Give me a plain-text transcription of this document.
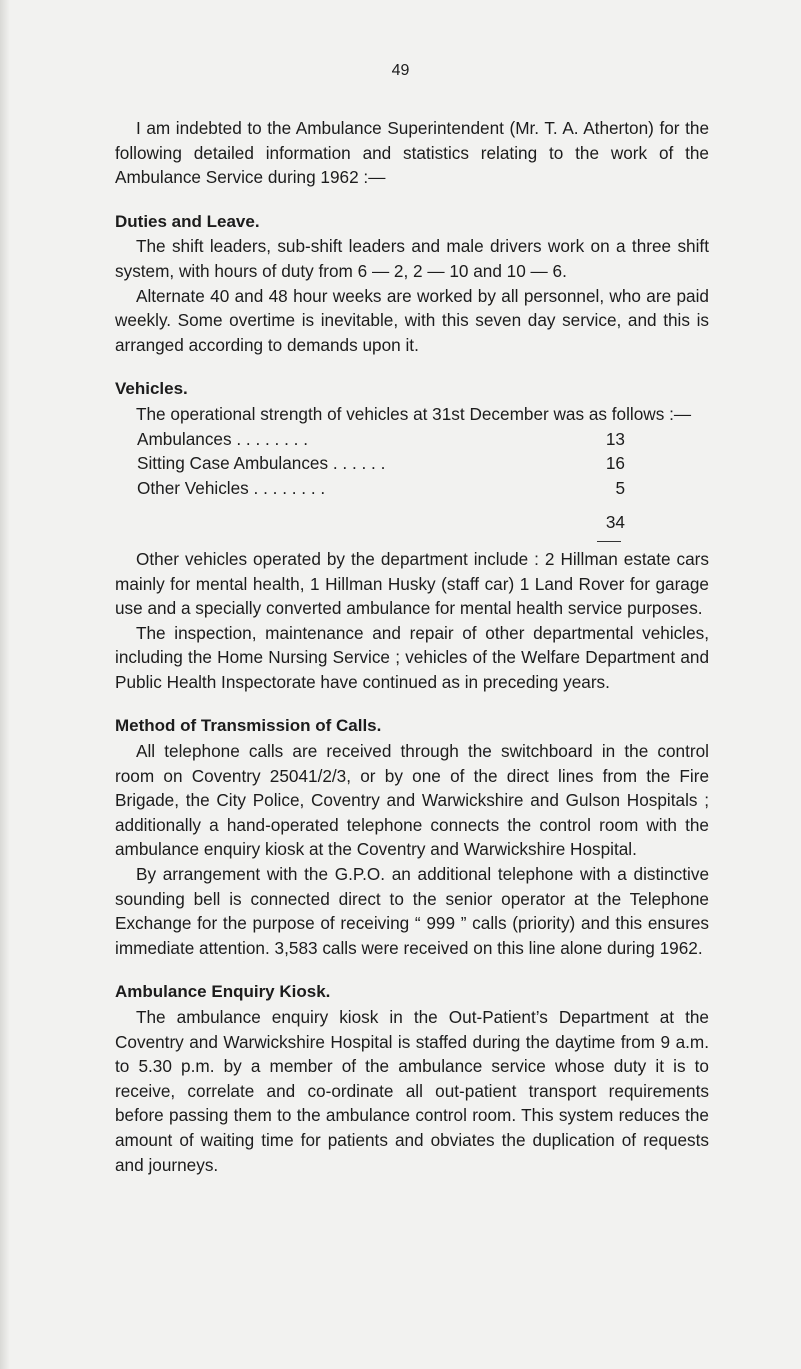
49

I am indebted to the Ambulance Superintendent (Mr. T. A. Atherton) for the following detailed information and statistics relating to the work of the Ambulance Service during 1962 :—

Duties and Leave.

The shift leaders, sub-shift leaders and male drivers work on a three shift system, with hours of duty from 6 — 2, 2 — 10 and 10 — 6.

Alternate 40 and 48 hour weeks are worked by all personnel, who are paid weekly. Some overtime is inevitable, with this seven day service, and this is arranged according to demands upon it.

Vehicles.

The operational strength of vehicles at 31st December was as follows :—

Ambulances . . . . . . . .	13
Sitting Case Ambulances . . . . . .	16
Other Vehicles . . . . . . . .	5
34

Other vehicles operated by the department include : 2 Hillman estate cars mainly for mental health, 1 Hillman Husky (staff car) 1 Land Rover for garage use and a specially converted ambulance for mental health service purposes.

The inspection, maintenance and repair of other departmental vehicles, including the Home Nursing Service ; vehicles of the Welfare Department and Public Health Inspectorate have continued as in preceding years.

Method of Transmission of Calls.

All telephone calls are received through the switchboard in the control room on Coventry 25041/2/3, or by one of the direct lines from the Fire Brigade, the City Police, Coventry and Warwickshire and Gulson Hospitals ; additionally a hand-operated telephone connects the control room with the ambulance enquiry kiosk at the Coventry and Warwickshire Hospital.

By arrangement with the G.P.O. an additional telephone with a distinctive sounding bell is connected direct to the senior operator at the Telephone Exchange for the purpose of receiving “ 999 ” calls (priority) and this ensures immediate attention. 3,583 calls were received on this line alone during 1962.

Ambulance Enquiry Kiosk.

The ambulance enquiry kiosk in the Out-Patient’s Department at the Coventry and Warwickshire Hospital is staffed during the daytime from 9 a.m. to 5.30 p.m. by a member of the ambulance service whose duty it is to receive, correlate and co-ordinate all out-patient transport requirements before passing them to the ambulance control room. This system reduces the amount of waiting time for patients and obviates the duplication of requests and journeys.
